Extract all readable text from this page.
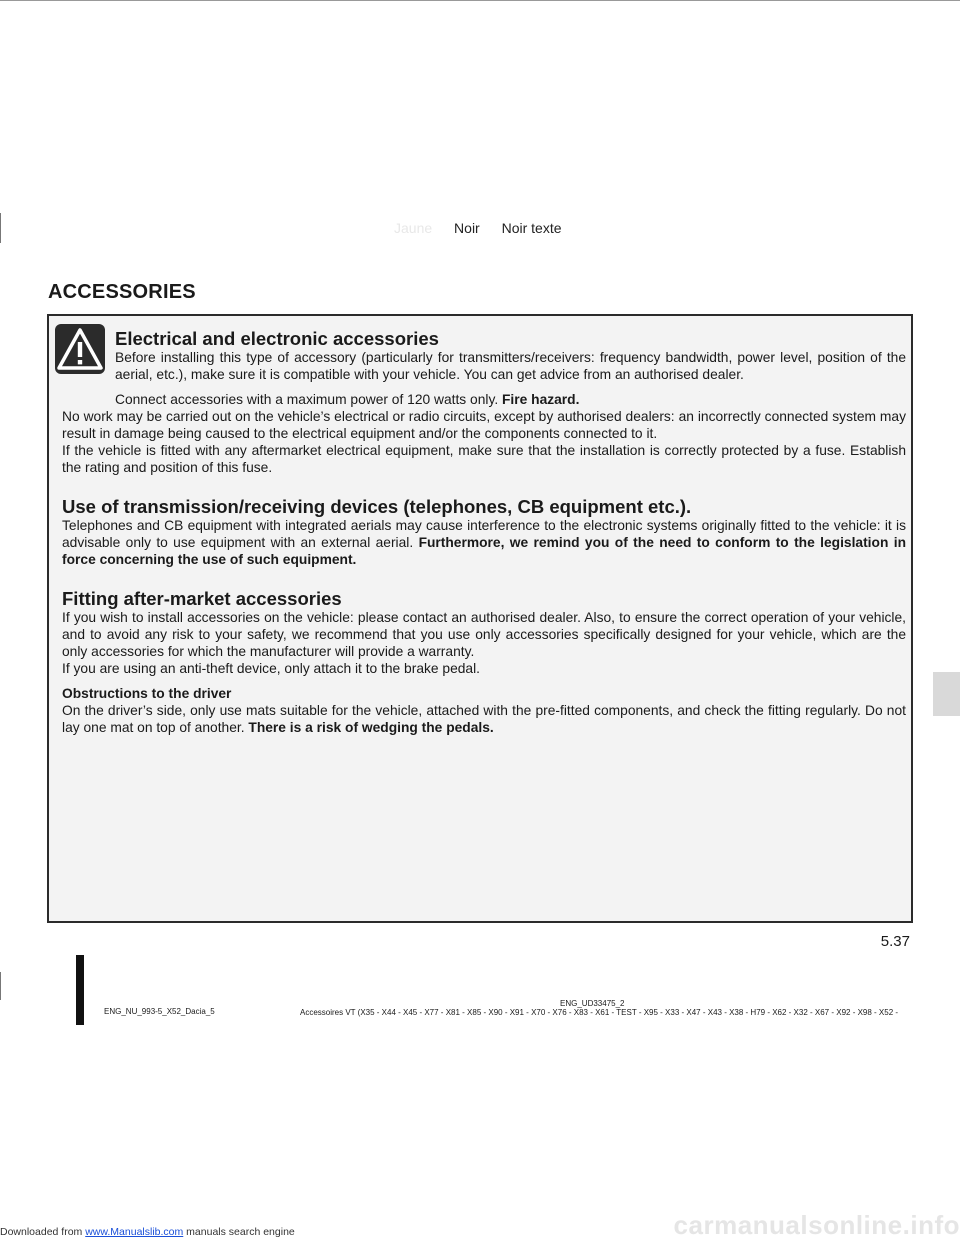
Jaune Noir Noir texte
ACCESSORIES

Electrical and electronic accessories

Before installing this type of accessory (particularly for transmitters/receivers: frequency bandwidth, power level, position of the aerial, etc.), make sure it is compatible with your vehicle. You can get advice from an authorised dealer.

Connect accessories with a maximum power of 120 watts only. Fire hazard.

No work may be carried out on the vehicle’s electrical or radio circuits, except by authorised dealers: an incorrectly connected system may result in damage being caused to the electrical equipment and/or the components connected to it.

If the vehicle is fitted with any aftermarket electrical equipment, make sure that the installation is correctly protected by a fuse. Establish the rating and position of this fuse.

Use of transmission/receiving devices (telephones, CB equipment etc.).

Telephones and CB equipment with integrated aerials may cause interference to the electronic systems originally fitted to the vehicle: it is advisable only to use equipment with an external aerial. Furthermore, we remind you of the need to conform to the legislation in force concerning the use of such equipment.

Fitting after-market accessories

If you wish to install accessories on the vehicle: please contact an authorised dealer. Also, to ensure the correct operation of your vehicle, and to avoid any risk to your safety, we recommend that you use only accessories specifically designed for your vehicle, which are the only accessories for which the manufacturer will provide a warranty.

If you are using an anti-theft device, only attach it to the brake pedal.

Obstructions to the driver

On the driver’s side, only use mats suitable for the vehicle, attached with the pre-fitted components, and check the fitting regularly. Do not lay one mat on top of another. There is a risk of wedging the pedals.

5.37
ENG_UD33475_2
ENG_NU_993-5_X52_Dacia_5	Accessoires VT (X35 - X44 - X45 - X77 - X81 - X85 - X90 - X91 - X70 - X76 - X83 - X61 - TEST - X95 - X33 - X47 - X43 - X38 - H79 - X62 - X32 - X67 - X92 - X98 - X52 -
Downloaded from www.Manualslib.com manuals search engine	carmanualsonline.info
